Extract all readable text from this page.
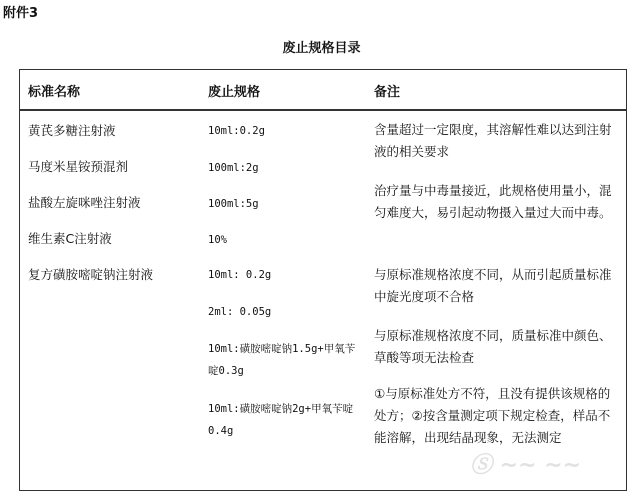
附件3
废止规格目录
标准名称	废止规格	备注
黄芪多糖注射液
马度米星铵预混剂
盐酸左旋咪唑注射液
维生素C注射液
复方磺胺嘧啶钠注射液
10ml:0.2g
100ml:2g
100ml:5g
10%
10ml: 0.2g
2ml: 0.05g
10ml:磺胺嘧啶钠1.5g+甲氧苄啶0.3g
10ml:磺胺嘧啶钠2g+甲氧苄啶0.4g
含量超过一定限度，其溶解性难以达到注射液的相关要求
治疗量与中毒量接近，此规格使用量小，混匀难度大，易引起动物摄入量过大而中毒。
与原标准规格浓度不同，从而引起质量标准中旋光度项不合格
与原标准规格浓度不同，质量标准中颜色、草酸等项无法检查
①与原标准处方不符，且没有提供该规格的处方；②按含量测定项下规定检查，样品不能溶解，出现结晶现象，无法测定
Ⓢ ~~ ~~
